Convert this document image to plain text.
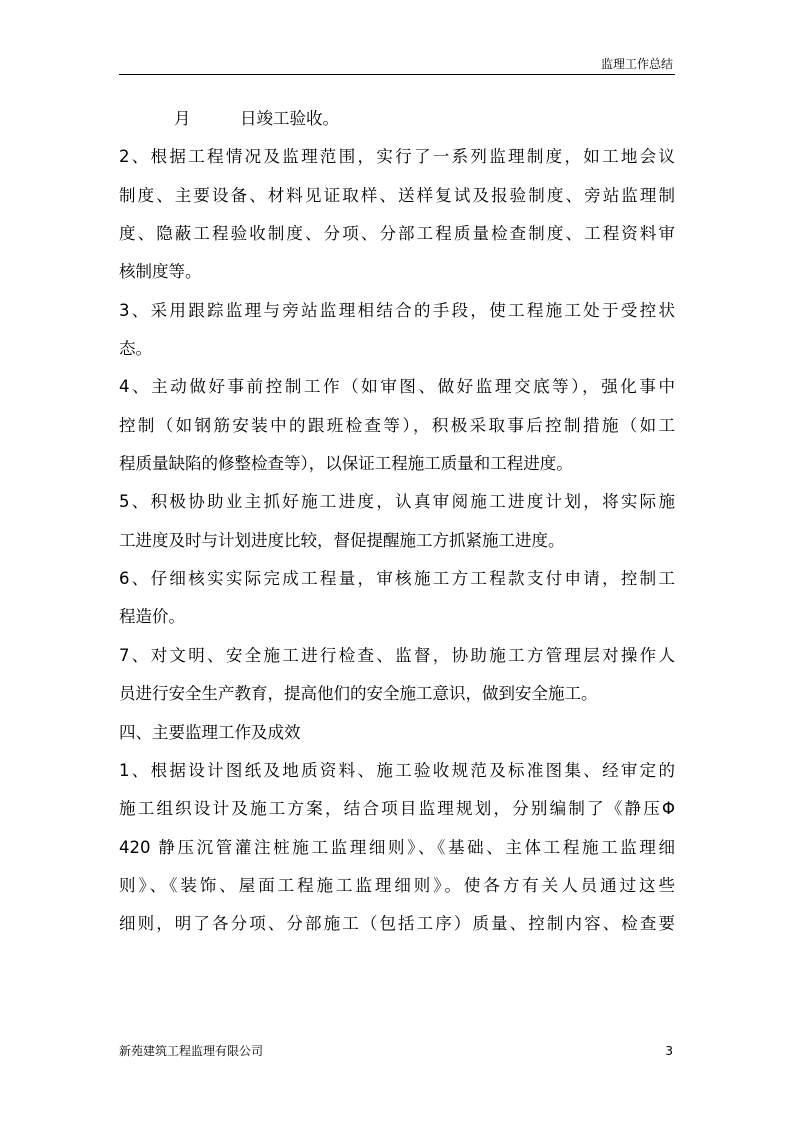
监理工作总结
月　　　日竣工验收。
2、根据工程情况及监理范围，实行了一系列监理制度，如工地会议
制度、主要设备、材料见证取样、送样复试及报验制度、旁站监理制
度、隐蔽工程验收制度、分项、分部工程质量检查制度、工程资料审
核制度等。
3、采用跟踪监理与旁站监理相结合的手段，使工程施工处于受控状
态。
4、主动做好事前控制工作（如审图、做好监理交底等），强化事中
控制（如钢筋安装中的跟班检查等），积极采取事后控制措施（如工
程质量缺陷的修整检查等），以保证工程施工质量和工程进度。
5、积极协助业主抓好施工进度，认真审阅施工进度计划，将实际施
工进度及时与计划进度比较，督促提醒施工方抓紧施工进度。
6、仔细核实实际完成工程量，审核施工方工程款支付申请，控制工
程造价。
7、对文明、安全施工进行检查、监督，协助施工方管理层对操作人
员进行安全生产教育，提高他们的安全施工意识，做到安全施工。
四、主要监理工作及成效
1、根据设计图纸及地质资料、施工验收规范及标准图集、经审定的
施工组织设计及施工方案，结合项目监理规划，分别编制了《静压Φ
420 静压沉管灌注桩施工监理细则》、《基础、主体工程施工监理细
则》、《装饰、屋面工程施工监理细则》。使各方有关人员通过这些
细则，明了各分项、分部施工（包括工序）质量、控制内容、检查要
新苑建筑工程监理有限公司	3
